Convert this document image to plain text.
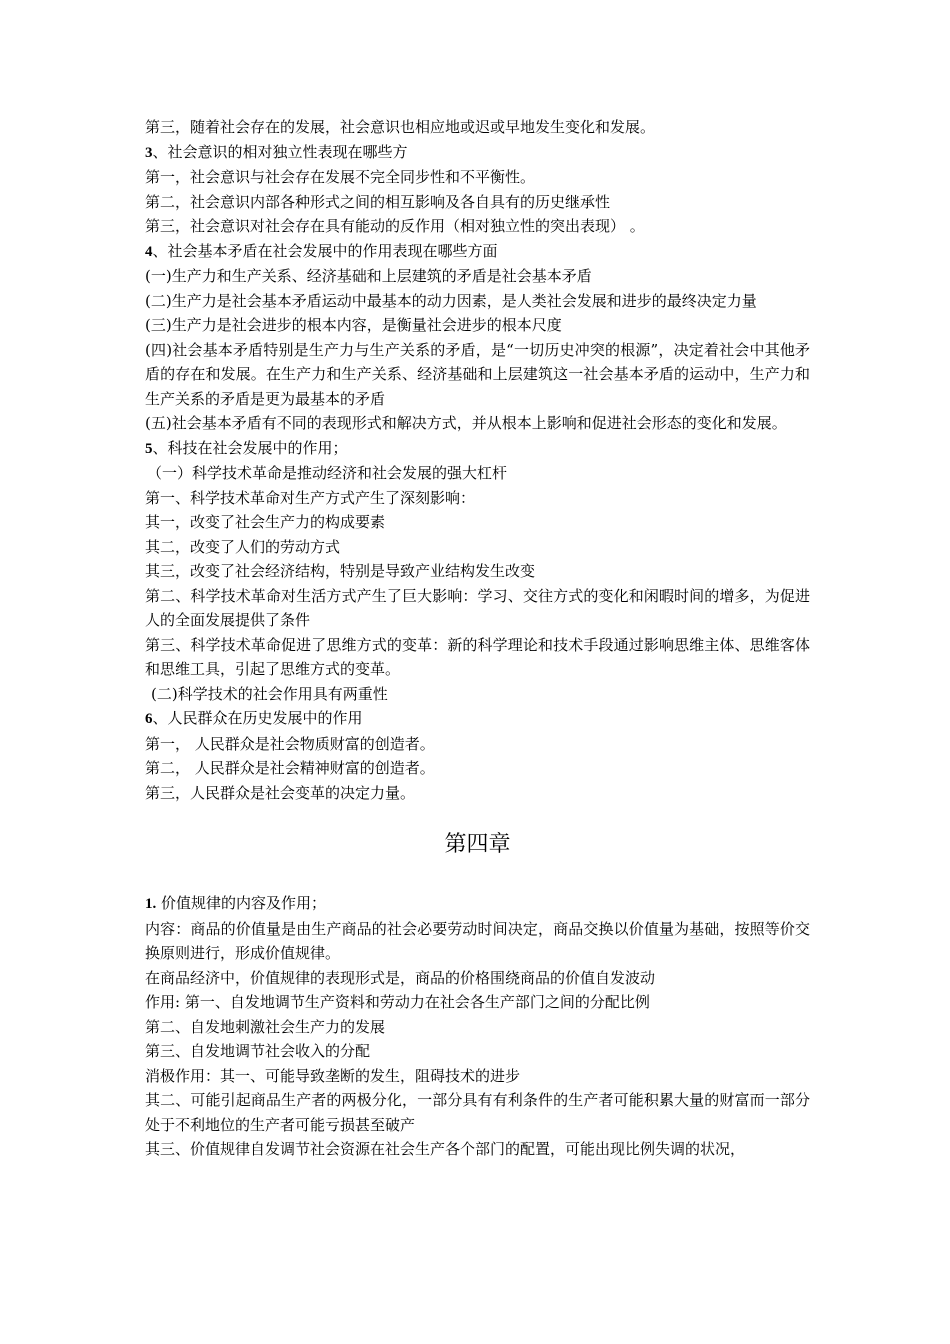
第三，随着社会存在的发展，社会意识也相应地或迟或早地发生变化和发展。

3、社会意识的相对独立性表现在哪些方

第一，社会意识与社会存在发展不完全同步性和不平衡性。

第二，社会意识内部各种形式之间的相互影响及各自具有的历史继承性

第三，社会意识对社会存在具有能动的反作用（相对独立性的突出表现） 。

4、社会基本矛盾在社会发展中的作用表现在哪些方面

(一)生产力和生产关系、经济基础和上层建筑的矛盾是社会基本矛盾

(二)生产力是社会基本矛盾运动中最基本的动力因素，是人类社会发展和进步的最终决定力量

(三)生产力是社会进步的根本内容，是衡量社会进步的根本尺度

(四)社会基本矛盾特别是生产力与生产关系的矛盾，是“一切历史冲突的根源”，决定着社会中其他矛盾的存在和发展。在生产力和生产关系、经济基础和上层建筑这一社会基本矛盾的运动中，生产力和生产关系的矛盾是更为最基本的矛盾

(五)社会基本矛盾有不同的表现形式和解决方式，并从根本上影响和促进社会形态的变化和发展。

5、科技在社会发展中的作用；

（一）科学技术革命是推动经济和社会发展的强大杠杆

第一、科学技术革命对生产方式产生了深刻影响：

其一，改变了社会生产力的构成要素

其二，改变了人们的劳动方式

其三，改变了社会经济结构，特别是导致产业结构发生改变

第二、科学技术革命对生活方式产生了巨大影响：学习、交往方式的变化和闲暇时间的增多，为促进人的全面发展提供了条件

第三、科学技术革命促进了思维方式的变革：新的科学理论和技术手段通过影响思维主体、思维客体和思维工具，引起了思维方式的变革。

(二)科学技术的社会作用具有两重性

6、人民群众在历史发展中的作用

第一， 人民群众是社会物质财富的创造者。

第二， 人民群众是社会精神财富的创造者。

第三，人民群众是社会变革的决定力量。

第四章

1. 价值规律的内容及作用；

内容：商品的价值量是由生产商品的社会必要劳动时间决定，商品交换以价值量为基础，按照等价交换原则进行，形成价值规律。

在商品经济中，价值规律的表现形式是，商品的价格围绕商品的价值自发波动

作用: 第一、自发地调节生产资料和劳动力在社会各生产部门之间的分配比例

第二、自发地刺激社会生产力的发展

第三、自发地调节社会收入的分配

消极作用：其一、可能导致垄断的发生，阻碍技术的进步

其二、可能引起商品生产者的两极分化，一部分具有有利条件的生产者可能积累大量的财富而一部分处于不利地位的生产者可能亏损甚至破产

其三、价值规律自发调节社会资源在社会生产各个部门的配置，可能出现比例失调的状况，
